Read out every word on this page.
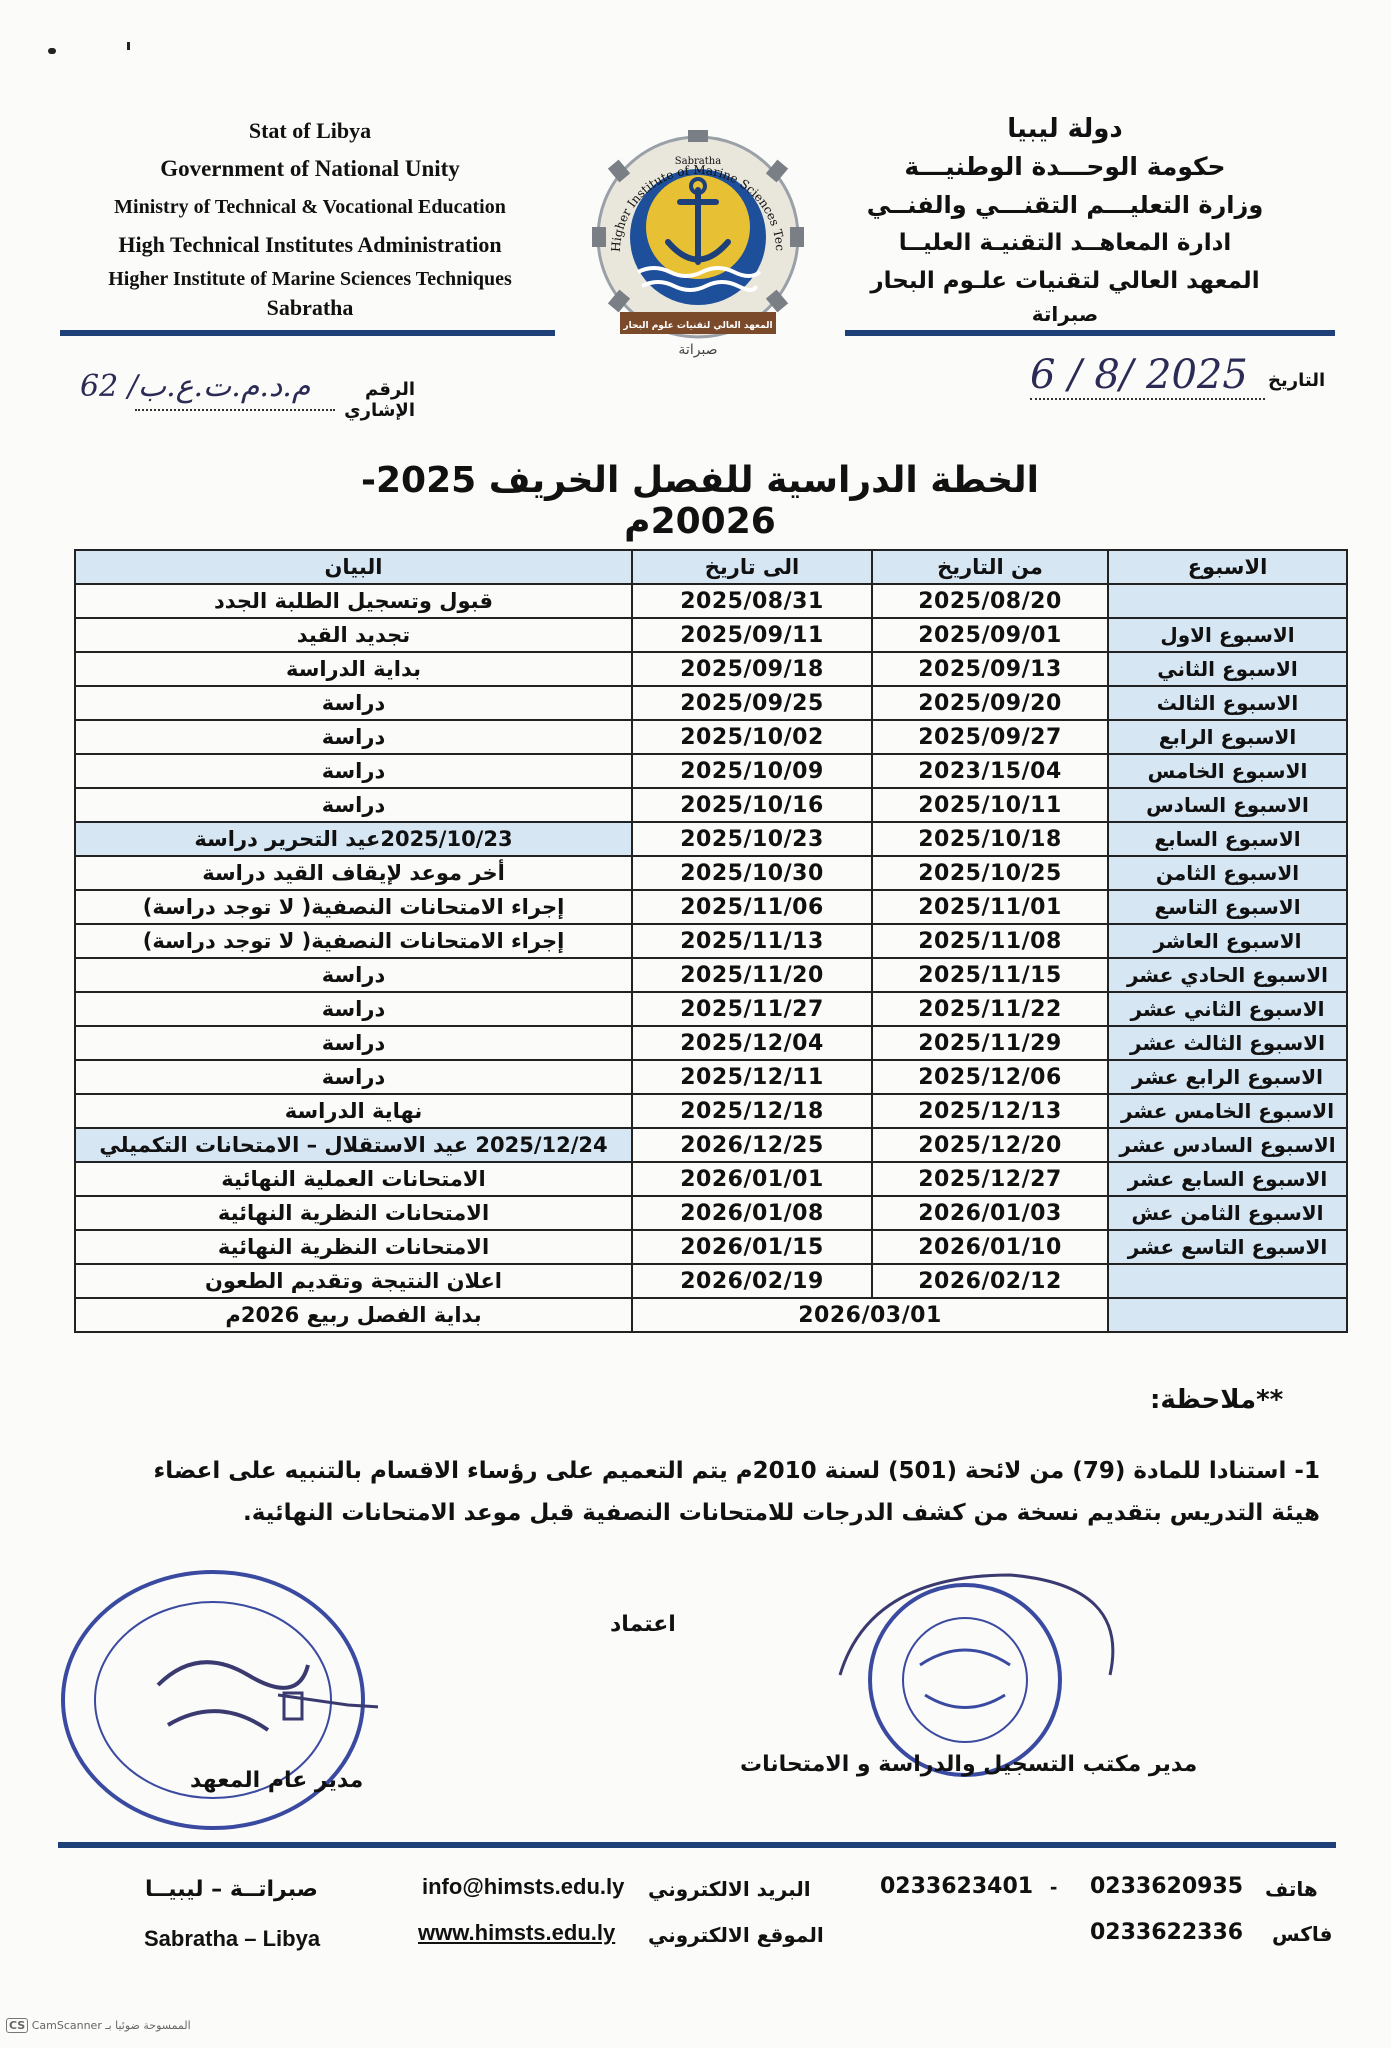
Stat of Libya
Government of National Unity
Ministry of Technical & Vocational Education
High Technical Institutes Administration
Higher Institute of Marine Sciences Techniques
Sabratha
دولة ليبيا
حكومة الوحـــدة الوطنيـــة
وزارة التعليـــم التقنـــي والفنــي
ادارة المعاهــد التقنيـة العليــا
المعهد العالي لتقنيات علـوم البحار
صبراتة
Higher Institute of Marine Sciences Tec
Sabratha
المعهد العالي لتقنيات علوم البحار
صبراتة
الرقم الإشاري
م.د.م.ت.ع.ب/ 62	التاريخ
6 / 8/ 2025
الخطة الدراسية للفصل الخريف 2025- 20026م
الاسبوع	من التاريخ	الى تاريخ	البيان
	2025/08/20	2025/08/31	قبول وتسجيل الطلبة الجدد
الاسبوع الاول	2025/09/01	2025/09/11	تجديد القيد
الاسبوع الثاني	2025/09/13	2025/09/18	بداية الدراسة
الاسبوع الثالث	2025/09/20	2025/09/25	دراسة
الاسبوع الرابع	2025/09/27	2025/10/02	دراسة
الاسبوع الخامس	2023/15/04	2025/10/09	دراسة
الاسبوع السادس	2025/10/11	2025/10/16	دراسة
الاسبوع السابع	2025/10/18	2025/10/23	2025/10/23عيد التحرير دراسة
الاسبوع الثامن	2025/10/25	2025/10/30	أخر موعد لإيقاف القيد دراسة
الاسبوع التاسع	2025/11/01	2025/11/06	إجراء الامتحانات النصفية( لا توجد دراسة)
الاسبوع العاشر	2025/11/08	2025/11/13	إجراء الامتحانات النصفية( لا توجد دراسة)
الاسبوع الحادي عشر	2025/11/15	2025/11/20	دراسة
الاسبوع الثاني عشر	2025/11/22	2025/11/27	دراسة
الاسبوع الثالث عشر	2025/11/29	2025/12/04	دراسة
الاسبوع الرابع عشر	2025/12/06	2025/12/11	دراسة
الاسبوع الخامس عشر	2025/12/13	2025/12/18	نهاية الدراسة
الاسبوع السادس عشر	2025/12/20	2026/12/25	2025/12/24 عيد الاستقلال – الامتحانات التكميلي
الاسبوع السابع عشر	2025/12/27	2026/01/01	الامتحانات العملية النهائية
الاسبوع الثامن عش	2026/01/03	2026/01/08	الامتحانات النظرية النهائية
الاسبوع التاسع عشر	2026/01/10	2026/01/15	الامتحانات النظرية النهائية
	2026/02/12	2026/02/19	اعلان النتيجة وتقديم الطعون
	2026/03/01		بداية الفصل ربيع 2026م
**ملاحظة:
1- استنادا للمادة (79) من لائحة (501) لسنة 2010م يتم التعميم على رؤساء الاقسام بالتنبيه على اعضاء هيئة التدريس بتقديم نسخة من كشف الدرجات للامتحانات النصفية قبل موعد الامتحانات النهائية.
اعتماد
مدير مكتب التسجيل والدراسة و الامتحانات
مدير عام المعهد
هاتف
0233620935
-
0233623401
فاكس
0233622336
البريد الالكتروني
info@himsts.edu.ly
الموقع الالكتروني
www.himsts.edu.ly
صبراتــة – ليبيــا
Sabratha – Libya
CS CamScanner الممسوحة ضوئيا بـ
